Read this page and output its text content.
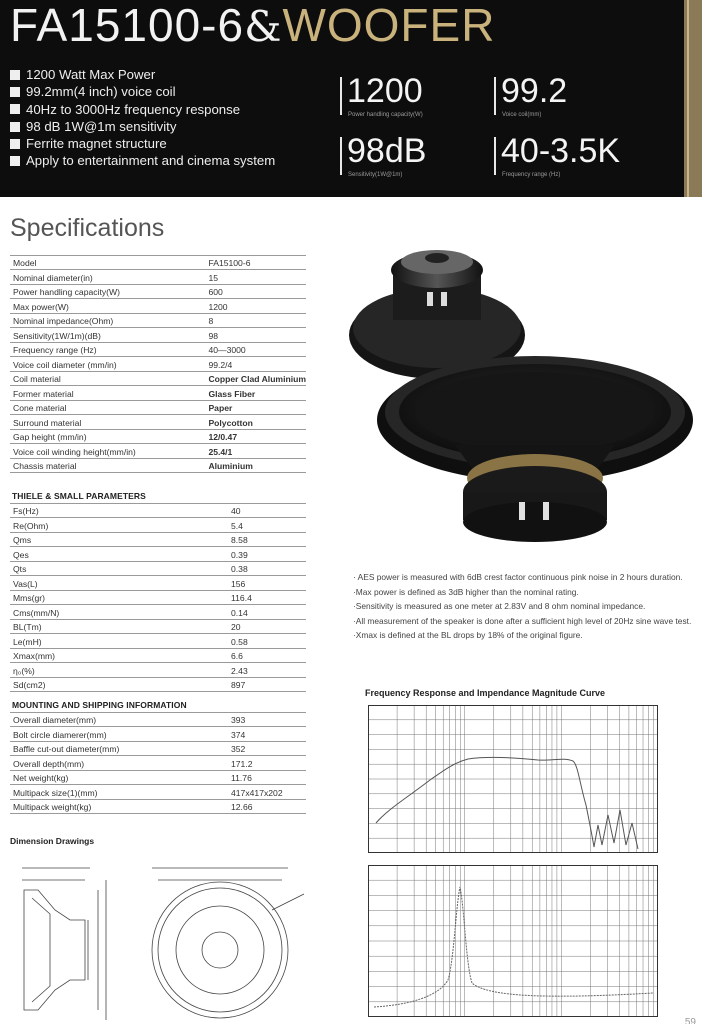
FA15100-6&WOOFER
1200 Watt Max Power
99.2mm(4 inch) voice coil
40Hz to 3000Hz frequency response
98 dB 1W@1m sensitivity
Ferrite magnet structure
Apply to entertainment and cinema system
1200
Power handling capacity(W)
99.2
Voice coil(mm)
98dB
Sensitivity(1W@1m)
40-3.5K
Frequency range (Hz)
Specifications
Model	FA15100-6
Nominal diameter(in)	15
Power handling capacity(W)	600
Max power(W)	1200
Nominal impedance(Ohm)	8
Sensitivity(1W/1m)(dB)	98
Frequency range (Hz)	40—3000
Voice coil diameter (mm/in)	99.2/4
Coil material	Copper Clad Aluminium
Former material	Glass Fiber
Cone material	Paper
Surround material	Polycotton
Gap height (mm/in)	12/0.47
Voice coil winding height(mm/in)	25.4/1
Chassis material	Aluminium
THIELE & SMALL PARAMETERS
Fs(Hz)	40
Re(Ohm)	5.4
Qms	8.58
Qes	0.39
Qts	0.38
Vas(L)	156
Mms(gr)	116.4
Cms(mm/N)	0.14
BL(Tm)	20
Le(mH)	0.58
Xmax(mm)	6.6
η₀(%)	2.43
Sd(cm2)	897
MOUNTING AND SHIPPING INFORMATION
Overall diameter(mm)	393
Bolt circle diamerer(mm)	374
Baffle cut-out diameter(mm)	352
Overall depth(mm)	171.2
Net weight(kg)	11.76
Multipack size(1)(mm)	417x417x202
Multipack weight(kg)	12.66
· AES power is measured with 6dB crest factor continuous pink noise in 2 hours duration.
·Max power is defined as 3dB higher than the nominal rating.
·Sensitivity is measured as one meter at 2.83V and 8 ohm nominal impedance.
·All measurement of the speaker is done after a sufficient high level of 20Hz sine wave test.
·Xmax is defined at the BL drops by 18% of the original figure.
Frequency Response and Impendance Magnitude Curve
Dimension Drawings
59
